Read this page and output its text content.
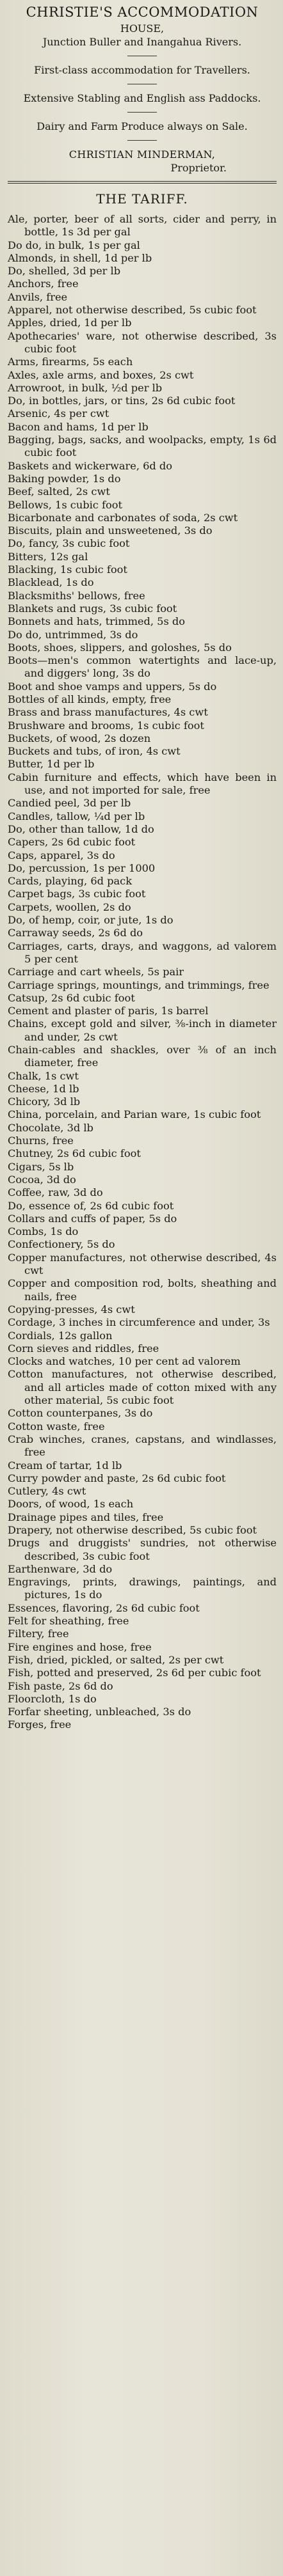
CHRISTIE'S ACCOMMODATION

HOUSE,

Junction Buller and Inangahua Rivers.

First-class accommodation for Travellers.

Extensive Stabling and English ass Paddocks.

Dairy and Farm Produce always on Sale.

CHRISTIAN MINDERMAN,

Proprietor.

THE TARIFF.
Ale, porter, beer of all sorts, cider and perry, in bottle, 1s 3d per gal
Do do, in bulk, 1s per gal
Almonds, in shell, 1d per lb
Do, shelled, 3d per lb
Anchors, free
Anvils, free
Apparel, not otherwise described, 5s cubic foot
Apples, dried, 1d per lb
Apothecaries' ware, not otherwise described, 3s cubic foot
Arms, firearms, 5s each
Axles, axle arms, and boxes, 2s cwt
Arrowroot, in bulk, ½d per lb
Do, in bottles, jars, or tins, 2s 6d cubic foot
Arsenic, 4s per cwt
Bacon and hams, 1d per lb
Bagging, bags, sacks, and woolpacks, empty, 1s 6d cubic foot
Baskets and wickerware, 6d do
Baking powder, 1s do
Beef, salted, 2s cwt
Bellows, 1s cubic foot
Bicarbonate and carbonates of soda, 2s cwt
Biscuits, plain and unsweetened, 3s do
Do, fancy, 3s cubic foot
Bitters, 12s gal
Blacking, 1s cubic foot
Blacklead, 1s do
Blacksmiths' bellows, free
Blankets and rugs, 3s cubic foot
Bonnets and hats, trimmed, 5s do
Do do, untrimmed, 3s do
Boots, shoes, slippers, and goloshes, 5s do
Boots—men's common watertights and lace-up, and diggers' long, 3s do
Boot and shoe vamps and uppers, 5s do
Bottles of all kinds, empty, free
Brass and brass manufactures, 4s cwt
Brushware and brooms, 1s cubic foot
Buckets, of wood, 2s dozen
Buckets and tubs, of iron, 4s cwt
Butter, 1d per lb
Cabin furniture and effects, which have been in use, and not imported for sale, free
Candied peel, 3d per lb
Candles, tallow, ¼d per lb
Do, other than tallow, 1d do
Capers, 2s 6d cubic foot
Caps, apparel, 3s do
Do, percussion, 1s per 1000
Cards, playing, 6d pack
Carpet bags, 3s cubic foot
Carpets, woollen, 2s do
Do, of hemp, coir, or jute, 1s do
Carraway seeds, 2s 6d do
Carriages, carts, drays, and waggons, ad valorem 5 per cent
Carriage and cart wheels, 5s pair
Carriage springs, mountings, and trimmings, free
Catsup, 2s 6d cubic foot
Cement and plaster of paris, 1s barrel
Chains, except gold and silver, ⅜-inch in diameter and under, 2s cwt
Chain-cables and shackles, over ⅜ of an inch diameter, free
Chalk, 1s cwt
Cheese, 1d lb
Chicory, 3d lb
China, porcelain, and Parian ware, 1s cubic foot
Chocolate, 3d lb
Churns, free
Chutney, 2s 6d cubic foot
Cigars, 5s lb
Cocoa, 3d do
Coffee, raw, 3d do
Do, essence of, 2s 6d cubic foot
Collars and cuffs of paper, 5s do
Combs, 1s do
Confectionery, 5s do
Copper manufactures, not otherwise described, 4s cwt
Copper and composition rod, bolts, sheathing and nails, free
Copying-presses, 4s cwt
Cordage, 3 inches in circumference and under, 3s
Cordials, 12s gallon
Corn sieves and riddles, free
Clocks and watches, 10 per cent ad valorem
Cotton manufactures, not otherwise described, and all articles made of cotton mixed with any other material, 5s cubic foot
Cotton counterpanes, 3s do
Cotton waste, free
Crab winches, cranes, capstans, and windlasses, free
Cream of tartar, 1d lb
Curry powder and paste, 2s 6d cubic foot
Cutlery, 4s cwt
Doors, of wood, 1s each
Drainage pipes and tiles, free
Drapery, not otherwise described, 5s cubic foot
Drugs and druggists' sundries, not otherwise described, 3s cubic foot
Earthenware, 3d do
Engravings, prints, drawings, paintings, and pictures, 1s do
Essences, flavoring, 2s 6d cubic foot
Felt for sheathing, free
Filtery, free
Fire engines and hose, free
Fish, dried, pickled, or salted, 2s per cwt
Fish, potted and preserved, 2s 6d per cubic foot
Fish paste, 2s 6d do
Floorcloth, 1s do
Forfar sheeting, unbleached, 3s do
Forges, free
